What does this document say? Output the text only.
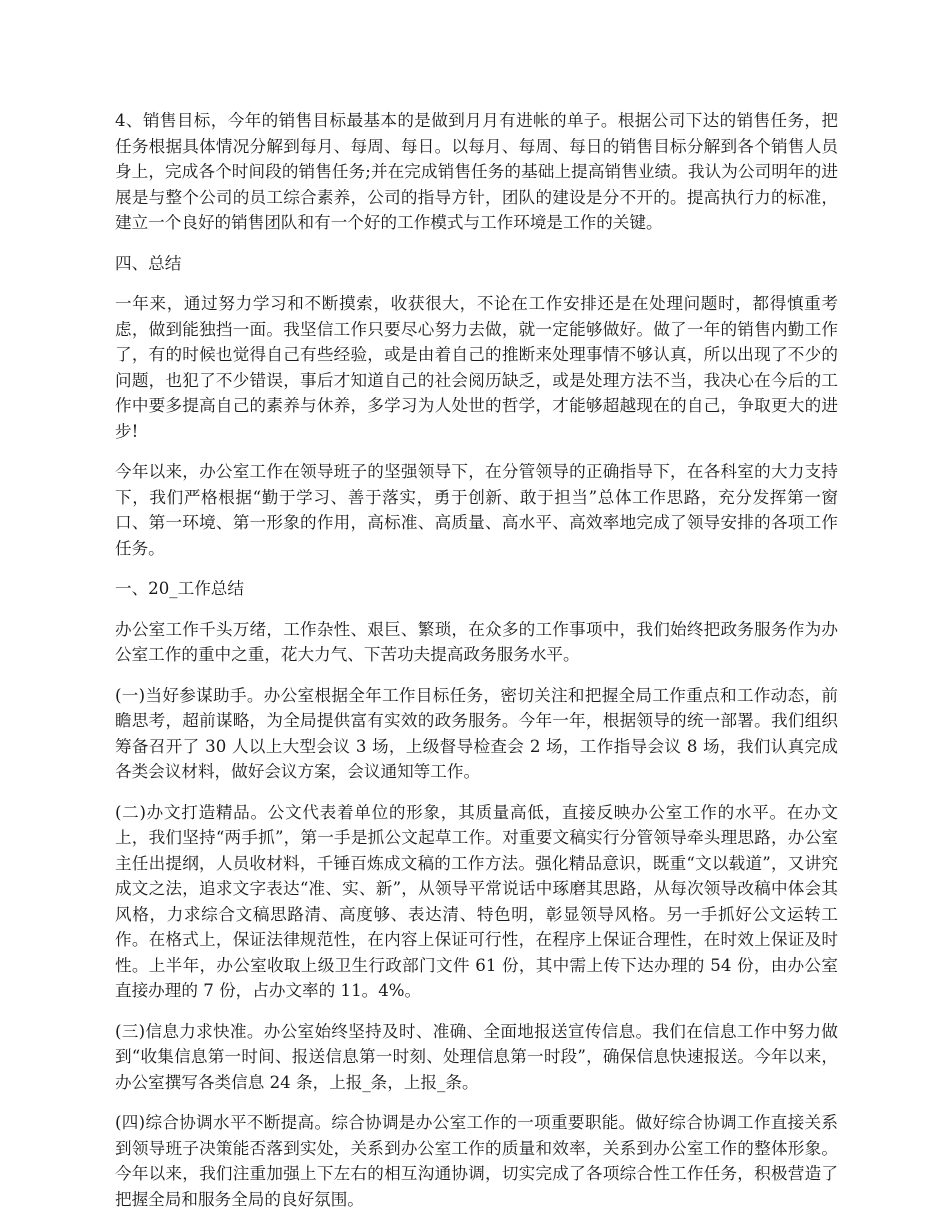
4、销售目标，今年的销售目标最基本的是做到月月有进帐的单子。根据公司下达的销售任务，把任务根据具体情况分解到每月、每周、每日。以每月、每周、每日的销售目标分解到各个销售人员身上，完成各个时间段的销售任务;并在完成销售任务的基础上提高销售业绩。我认为公司明年的进展是与整个公司的员工综合素养，公司的指导方针，团队的建设是分不开的。提高执行力的标准，建立一个良好的销售团队和有一个好的工作模式与工作环境是工作的关键。

四、总结

一年来，通过努力学习和不断摸索，收获很大，不论在工作安排还是在处理问题时，都得慎重考虑，做到能独挡一面。我坚信工作只要尽心努力去做，就一定能够做好。做了一年的销售内勤工作了，有的时候也觉得自己有些经验，或是由着自己的推断来处理事情不够认真，所以出现了不少的问题，也犯了不少错误，事后才知道自己的社会阅历缺乏，或是处理方法不当，我决心在今后的工作中要多提高自己的素养与休养，多学习为人处世的哲学，才能够超越现在的自己，争取更大的进步!

今年以来，办公室工作在领导班子的坚强领导下，在分管领导的正确指导下，在各科室的大力支持下，我们严格根据“勤于学习、善于落实，勇于创新、敢于担当”总体工作思路，充分发挥第一窗口、第一环境、第一形象的作用，高标准、高质量、高水平、高效率地完成了领导安排的各项工作任务。

一、20_工作总结

办公室工作千头万绪，工作杂性、艰巨、繁琐，在众多的工作事项中，我们始终把政务服务作为办公室工作的重中之重，花大力气、下苦功夫提高政务服务水平。

(一)当好参谋助手。办公室根据全年工作目标任务，密切关注和把握全局工作重点和工作动态，前瞻思考，超前谋略，为全局提供富有实效的政务服务。今年一年，根据领导的统一部署。我们组织筹备召开了 30 人以上大型会议 3 场，上级督导检查会 2 场，工作指导会议 8 场，我们认真完成各类会议材料，做好会议方案，会议通知等工作。

(二)办文打造精品。公文代表着单位的形象，其质量高低，直接反映办公室工作的水平。在办文上，我们坚持“两手抓”，第一手是抓公文起草工作。对重要文稿实行分管领导牵头理思路，办公室主任出提纲，人员收材料，千锤百炼成文稿的工作方法。强化精品意识，既重“文以载道”，又讲究成文之法，追求文字表达“准、实、新”，从领导平常说话中琢磨其思路，从每次领导改稿中体会其风格，力求综合文稿思路清、高度够、表达清、特色明，彰显领导风格。另一手抓好公文运转工作。在格式上，保证法律规范性，在内容上保证可行性，在程序上保证合理性，在时效上保证及时性。上半年，办公室收取上级卫生行政部门文件 61 份，其中需上传下达办理的 54 份，由办公室直接办理的 7 份，占办文率的 11。4%。

(三)信息力求快准。办公室始终坚持及时、准确、全面地报送宣传信息。我们在信息工作中努力做到“收集信息第一时间、报送信息第一时刻、处理信息第一时段”，确保信息快速报送。今年以来，办公室撰写各类信息 24 条，上报_条，上报_条。

(四)综合协调水平不断提高。综合协调是办公室工作的一项重要职能。做好综合协调工作直接关系到领导班子决策能否落到实处，关系到办公室工作的质量和效率，关系到办公室工作的整体形象。今年以来，我们注重加强上下左右的相互沟通协调，切实完成了各项综合性工作任务，积极营造了把握全局和服务全局的良好氛围。
